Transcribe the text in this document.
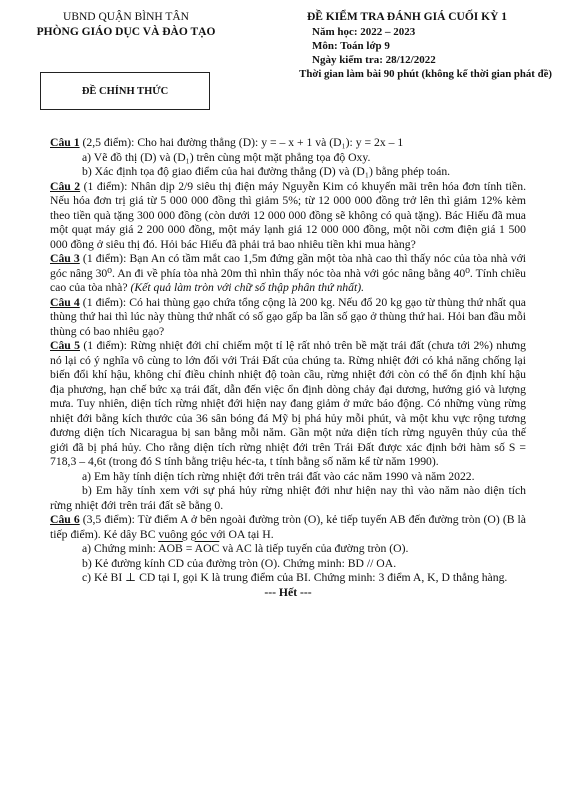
UBND QUẬN BÌNH TÂN
PHÒNG GIÁO DỤC VÀ ĐÀO TẠO
ĐỀ CHÍNH THỨC
ĐỀ KIỂM TRA ĐÁNH GIÁ CUỐI KỲ 1
Năm học: 2022 – 2023
Môn: Toán lớp 9
Ngày kiểm tra: 28/12/2022
Thời gian làm bài 90 phút (không kể thời gian phát đề)

Câu 1 (2,5 điểm): Cho hai đường thẳng (D): y = – x + 1 và (D₁): y = 2x – 1

a) Vẽ đồ thị (D) và (D₁) trên cùng một mặt phẳng tọa độ Oxy.

b) Xác định tọa độ giao điểm của hai đường thẳng (D) và (D₁) bằng phép toán.

Câu 2 (1 điểm): Nhân dịp 2/9 siêu thị điện máy Nguyễn Kim có khuyến mãi trên hóa đơn tính tiền. Nếu hóa đơn trị giá từ 5 000 000 đồng thì giảm 5%; từ 12 000 000 đồng trở lên thì giảm 12% kèm theo tiền quà tặng 300 000 đồng (còn dưới 12 000 000 đồng sẽ không có quà tặng). Bác Hiếu đã mua một quạt máy giá 2 200 000 đồng, một máy lạnh giá 12 000 000 đồng, một nồi cơm điện giá 1 500 000 đồng ở siêu thị đó. Hỏi bác Hiếu đã phải trả bao nhiêu tiền khi mua hàng?

Câu 3 (1 điểm): Bạn An có tầm mắt cao 1,5m đứng gần một tòa nhà cao thì thấy nóc của tòa nhà với góc nâng 30⁰. An đi về phía tòa nhà 20m thì nhìn thấy nóc tòa nhà với góc nâng bằng 40⁰. Tính chiều cao của tòa nhà? (Kết quả làm tròn với chữ số thập phân thứ nhất).

Câu 4 (1 điểm): Có hai thùng gạo chứa tổng cộng là 200 kg. Nếu đổ 20 kg gạo từ thùng thứ nhất qua thùng thứ hai thì lúc này thùng thứ nhất có số gạo gấp ba lần số gạo ở thùng thứ hai. Hỏi ban đầu mỗi thùng có bao nhiêu gạo?

Câu 5 (1 điểm): Rừng nhiệt đới chỉ chiếm một tỉ lệ rất nhỏ trên bề mặt trái đất (chưa tới 2%) nhưng nó lại có ý nghĩa vô cùng to lớn đối với Trái Đất của chúng ta. Rừng nhiệt đới có khả năng chống lại biến đổi khí hậu, không chỉ điều chỉnh nhiệt độ toàn cầu, rừng nhiệt đới còn có thể ổn định khí hậu địa phương, hạn chế bức xạ trái đất, dẫn đến việc ổn định dòng chảy đại dương, hướng gió và lượng mưa. Tuy nhiên, diện tích rừng nhiệt đới hiện nay đang giảm ở mức báo động. Có những vùng rừng nhiệt đới bằng kích thước của 36 sân bóng đá Mỹ bị phá hủy mỗi phút, và một khu vực rộng tương đương diện tích Nicaragua bị san bằng mỗi năm. Gần một nửa diện tích rừng nguyên thủy của thế giới đã bị phá hủy. Cho rằng diện tích rừng nhiệt đới trên Trái Đất được xác định bởi hàm số S = 718,3 – 4,6t (trong đó S tính bằng triệu héc-ta, t tính bằng số năm kể từ năm 1990).

a) Em hãy tính diện tích rừng nhiệt đới trên trái đất vào các năm 1990 và năm 2022.

b) Em hãy tính xem với sự phá hủy rừng nhiệt đới như hiện nay thì vào năm nào diện tích rừng nhiệt đới trên trái đất sẽ bằng 0.

Câu 6 (3,5 điểm): Từ điểm A ở bên ngoài đường tròn (O), kẻ tiếp tuyến AB đến đường tròn (O) (B là tiếp điểm). Kẻ dây BC vuông góc với OA tại H.

a) Chứng minh: $\overline{AOB} = \overline{AOC}$ và AC là tiếp tuyến của đường tròn (O).

b) Kẻ đường kính CD của đường tròn (O). Chứng minh: BD // OA.

c) Kẻ BI ⊥ CD tại I, gọi K là trung điểm của BI. Chứng minh: 3 điểm A, K, D thẳng hàng.

--- Hết ---
